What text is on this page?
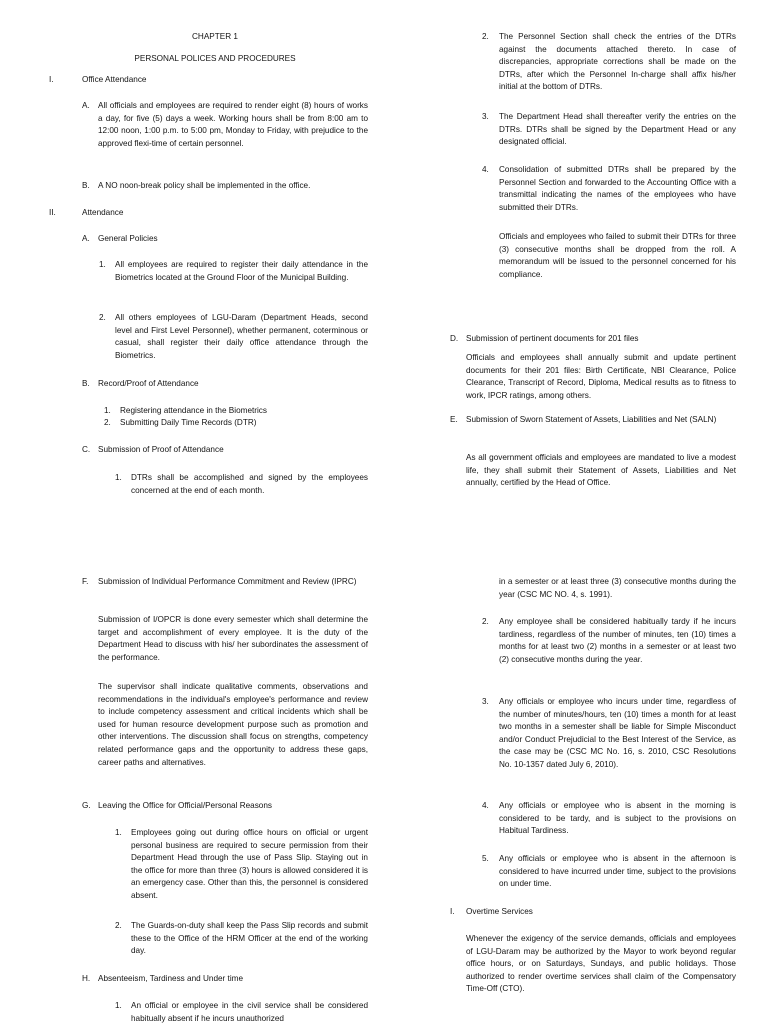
CHAPTER 1

PERSONAL POLICES AND PROCEDURES

I.	Office Attendance

A. All officials and employees are required to render eight (8) hours of works a day, for five (5) days a week. Working hours shall be from 8:00 am to 12:00 noon, 1:00 p.m. to 5:00 pm, Monday to Friday, with prejudice to the approved flexi-time of certain personnel.

B. A NO noon-break policy shall be implemented in the office.

II.	Attendance

A. General Policies

1. All employees are required to register their daily attendance in the Biometrics located at the Ground Floor of the Municipal Building.

2. All others employees of LGU-Daram (Department Heads, second level and First Level Personnel), whether permanent, coterminous or casual, shall register their daily office attendance through the Biometrics.

B. Record/Proof of Attendance

1. Registering attendance in the Biometrics

2. Submitting Daily Time Records (DTR)

C. Submission of Proof of Attendance

1. DTRs shall be accomplished and signed by the employees concerned at the end of each month.

2. The Personnel Section shall check the entries of the DTRs against the documents attached thereto. In case of discrepancies, appropriate corrections shall be made on the DTRs, after which the Personnel In-charge shall affix his/her initial at the bottom of DTRs.

3. The Department Head shall thereafter verify the entries on the DTRs. DTRs shall be signed by the Department Head or any designated official.

4. Consolidation of submitted DTRs shall be prepared by the Personnel Section and forwarded to the Accounting Office with a transmittal indicating the names of the employees who have submitted their DTRs.

Officials and employees who failed to submit their DTRs for three (3) consecutive months shall be dropped from the roll. A memorandum will be issued to the personnel concerned for his compliance.

D. Submission of pertinent documents for 201 files

Officials and employees shall annually submit and update pertinent documents for their 201 files: Birth Certificate, NBI Clearance, Police Clearance, Transcript of Record, Diploma, Medical results as to fitness to work, IPCR ratings, among others.

E. Submission of Sworn Statement of Assets, Liabilities and Net (SALN)

As all government officials and employees are mandated to live a modest life, they shall submit their Statement of Assets, Liabilities and Net annually, certified by the Head of Office.

F. Submission of Individual Performance Commitment and Review (IPRC)

Submission of I/OPCR is done every semester which shall determine the target and accomplishment of every employee. It is the duty of the Department Head to discuss with his/ her subordinates the assessment of the performance.

The supervisor shall indicate qualitative comments, observations and recommendations in the individual's employee's performance and review to include competency assessment and critical incidents which shall be used for human resource development purpose such as promotion and other interventions. The discussion shall focus on strengths, competency related performance gaps and the opportunity to address these gaps, career paths and alternatives.

G. Leaving the Office for Official/Personal Reasons

1. Employees going out during office hours on official or urgent personal business are required to secure permission from their Department Head through the use of Pass Slip. Staying out in the office for more than three (3) hours is allowed considered it is an emergency case. Other than this, the personnel is considered absent.

2. The Guards-on-duty shall keep the Pass Slip records and submit these to the Office of the HRM Officer at the end of the working day.

H. Absenteeism, Tardiness and Under time

1. An official or employee in the civil service shall be considered habitually absent if he incurs unauthorized

in a semester or at least three (3) consecutive months during the year (CSC MC NO. 4, s. 1991).

2. Any employee shall be considered habitually tardy if he incurs tardiness, regardless of the number of minutes, ten (10) times a months for at least two (2) months in a semester or at least two (2) consecutive months during the year.

3. Any officials or employee who incurs under time, regardless of the number of minutes/hours, ten (10) times a month for at least two months in a semester shall be liable for Simple Misconduct and/or Conduct Prejudicial to the Best Interest of the Service, as the case may be (CSC MC No. 16, s. 2010, CSC Resolutions No. 10-1357 dated July 6, 2010).

4. Any officials or employee who is absent in the morning is considered to be tardy, and is subject to the provisions on Habitual Tardiness.

5. Any officials or employee who is absent in the afternoon is considered to have incurred under time, subject to the provisions on under time.

I. Overtime Services

Whenever the exigency of the service demands, officials and employees of LGU-Daram may be authorized by the Mayor to work beyond regular office hours, or on Saturdays, Sundays, and public holidays. Those authorized to render overtime services shall claim of the Compensatory Time-Off (CTO).
